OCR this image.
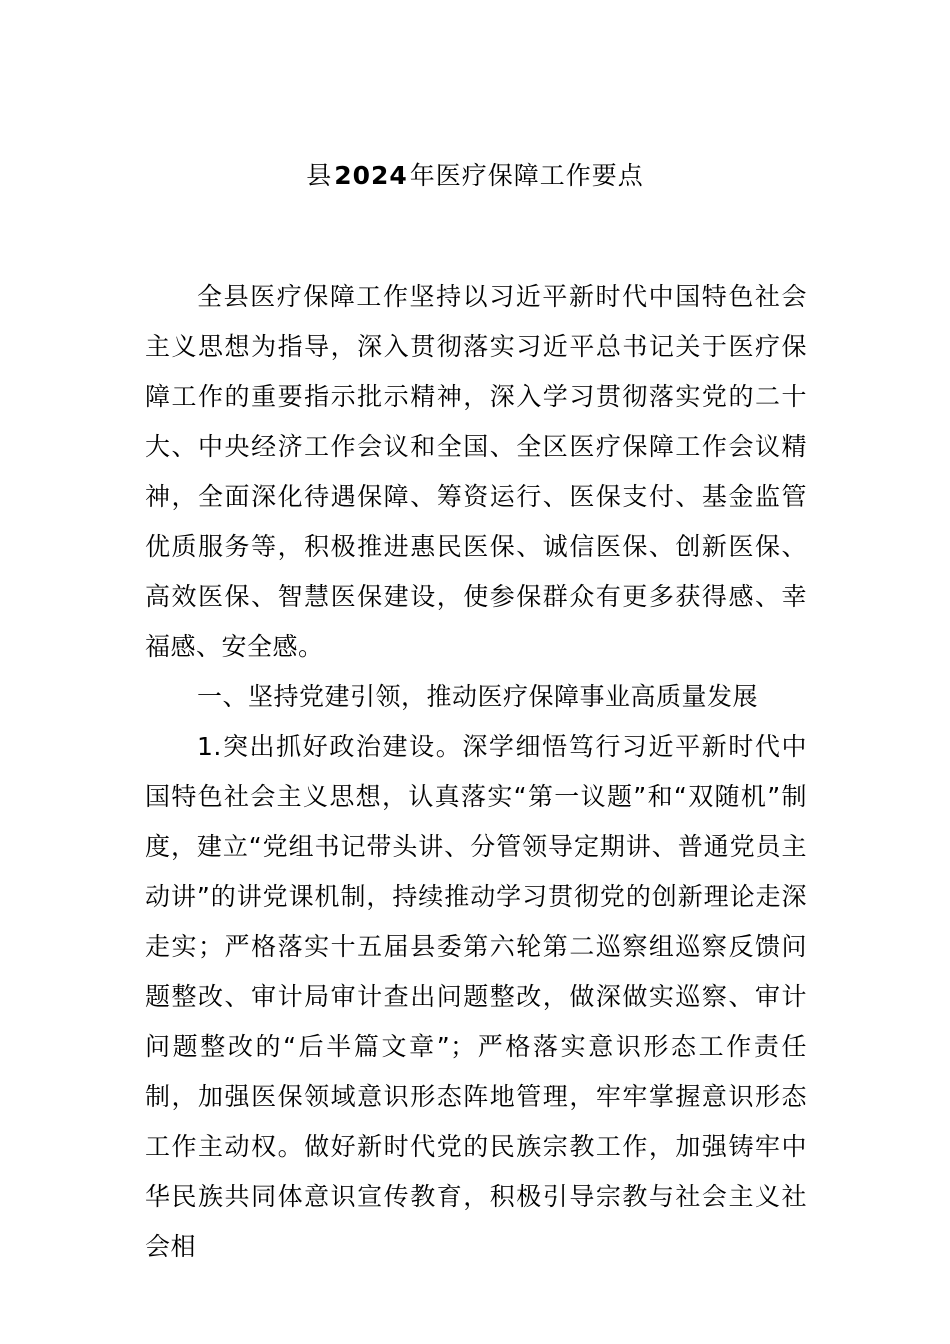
县2024年医疗保障工作要点

全县医疗保障工作坚持以习近平新时代中国特色社会主义思想为指导，深入贯彻落实习近平总书记关于医疗保障工作的重要指示批示精神，深入学习贯彻落实党的二十大、中央经济工作会议和全国、全区医疗保障工作会议精神，全面深化待遇保障、筹资运行、医保支付、基金监管优质服务等，积极推进惠民医保、诚信医保、创新医保、高效医保、智慧医保建设，使参保群众有更多获得感、幸福感、安全感。

一、坚持党建引领，推动医疗保障事业高质量发展

1.突出抓好政治建设。深学细悟笃行习近平新时代中国特色社会主义思想，认真落实“第一议题”和“双随机”制度，建立“党组书记带头讲、分管领导定期讲、普通党员主动讲”的讲党课机制，持续推动学习贯彻党的创新理论走深走实；严格落实十五届县委第六轮第二巡察组巡察反馈问题整改、审计局审计查出问题整改，做深做实巡察、审计问题整改的“后半篇文章”；严格落实意识形态工作责任制，加强医保领域意识形态阵地管理，牢牢掌握意识形态工作主动权。做好新时代党的民族宗教工作，加强铸牢中华民族共同体意识宣传教育，积极引导宗教与社会主义社会相
